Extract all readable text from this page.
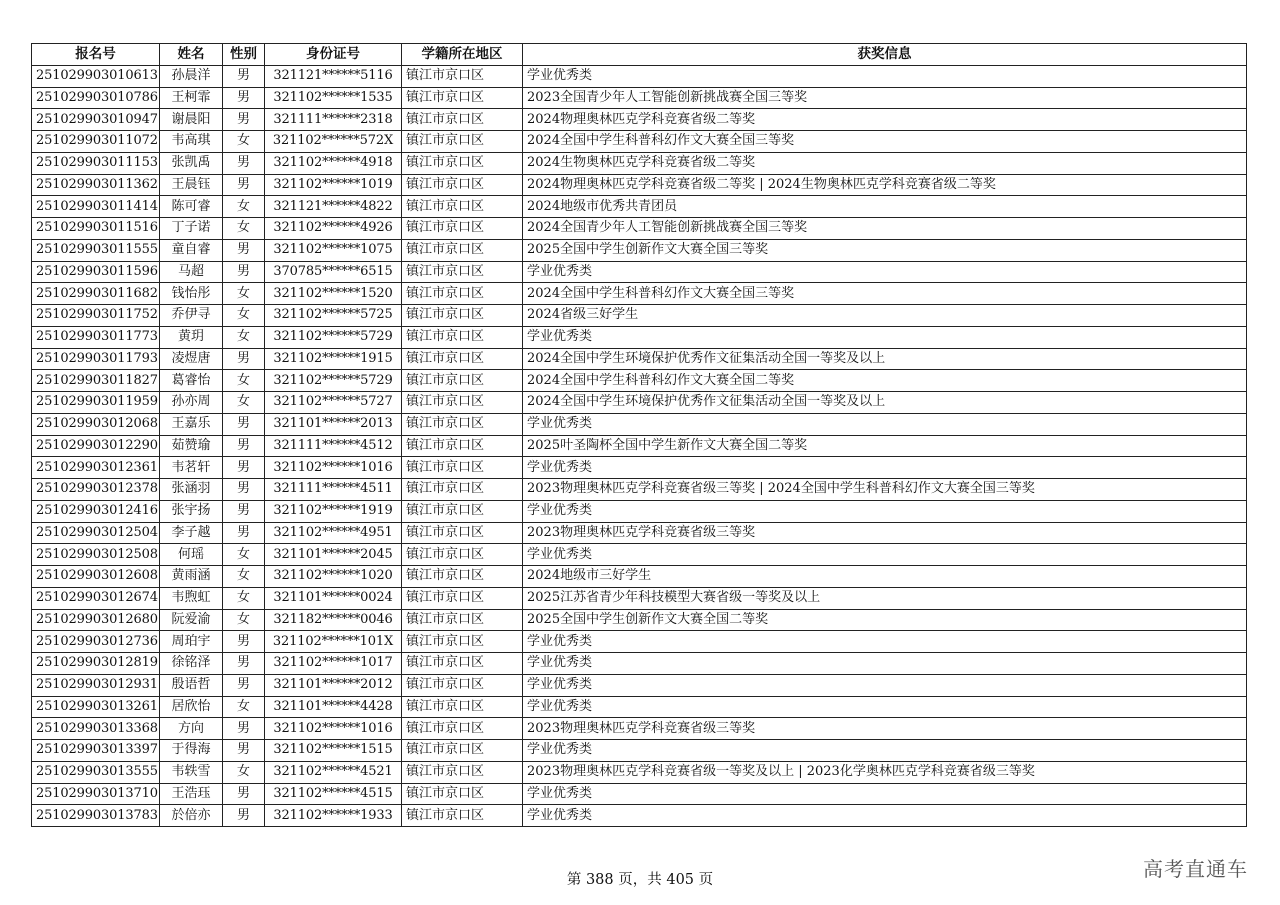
报名号	姓名	性别	身份证号	学籍所在地区	获奖信息
251029903010613	孙晨洋	男	321121******5116	镇江市京口区	学业优秀类
251029903010786	王柯霏	男	321102******1535	镇江市京口区	2023全国青少年人工智能创新挑战赛全国三等奖
251029903010947	谢晨阳	男	321111******2318	镇江市京口区	2024物理奥林匹克学科竞赛省级二等奖
251029903011072	韦高琪	女	321102******572X	镇江市京口区	2024全国中学生科普科幻作文大赛全国三等奖
251029903011153	张凯禹	男	321102******4918	镇江市京口区	2024生物奥林匹克学科竞赛省级二等奖
251029903011362	王晨钰	男	321102******1019	镇江市京口区	2024物理奥林匹克学科竞赛省级二等奖 | 2024生物奥林匹克学科竞赛省级二等奖
251029903011414	陈可睿	女	321121******4822	镇江市京口区	2024地级市优秀共青团员
251029903011516	丁子诺	女	321102******4926	镇江市京口区	2024全国青少年人工智能创新挑战赛全国三等奖
251029903011555	童自睿	男	321102******1075	镇江市京口区	2025全国中学生创新作文大赛全国三等奖
251029903011596	马超	男	370785******6515	镇江市京口区	学业优秀类
251029903011682	钱怡彤	女	321102******1520	镇江市京口区	2024全国中学生科普科幻作文大赛全国三等奖
251029903011752	乔伊寻	女	321102******5725	镇江市京口区	2024省级三好学生
251029903011773	黄玥	女	321102******5729	镇江市京口区	学业优秀类
251029903011793	凌煜唐	男	321102******1915	镇江市京口区	2024全国中学生环境保护优秀作文征集活动全国一等奖及以上
251029903011827	葛睿怡	女	321102******5729	镇江市京口区	2024全国中学生科普科幻作文大赛全国二等奖
251029903011959	孙亦周	女	321102******5727	镇江市京口区	2024全国中学生环境保护优秀作文征集活动全国一等奖及以上
251029903012068	王嘉乐	男	321101******2013	镇江市京口区	学业优秀类
251029903012290	茹赞瑜	男	321111******4512	镇江市京口区	2025叶圣陶杯全国中学生新作文大赛全国二等奖
251029903012361	韦茗轩	男	321102******1016	镇江市京口区	学业优秀类
251029903012378	张涵羽	男	321111******4511	镇江市京口区	2023物理奥林匹克学科竞赛省级三等奖 | 2024全国中学生科普科幻作文大赛全国三等奖
251029903012416	张宇扬	男	321102******1919	镇江市京口区	学业优秀类
251029903012504	李子越	男	321102******4951	镇江市京口区	2023物理奥林匹克学科竞赛省级三等奖
251029903012508	何瑶	女	321101******2045	镇江市京口区	学业优秀类
251029903012608	黄雨涵	女	321102******1020	镇江市京口区	2024地级市三好学生
251029903012674	韦煦虹	女	321101******0024	镇江市京口区	2025江苏省青少年科技模型大赛省级一等奖及以上
251029903012680	阮爱渝	女	321182******0046	镇江市京口区	2025全国中学生创新作文大赛全国二等奖
251029903012736	周珀宇	男	321102******101X	镇江市京口区	学业优秀类
251029903012819	徐铭泽	男	321102******1017	镇江市京口区	学业优秀类
251029903012931	殷语哲	男	321101******2012	镇江市京口区	学业优秀类
251029903013261	居欣怡	女	321101******4428	镇江市京口区	学业优秀类
251029903013368	方向	男	321102******1016	镇江市京口区	2023物理奥林匹克学科竞赛省级三等奖
251029903013397	于得海	男	321102******1515	镇江市京口区	学业优秀类
251029903013555	韦轶雪	女	321102******4521	镇江市京口区	2023物理奥林匹克学科竞赛省级一等奖及以上 | 2023化学奥林匹克学科竞赛省级三等奖
251029903013710	王浩珏	男	321102******4515	镇江市京口区	学业优秀类
251029903013783	於倍亦	男	321102******1933	镇江市京口区	学业优秀类
第 388 页，共 405 页	高考直通车
